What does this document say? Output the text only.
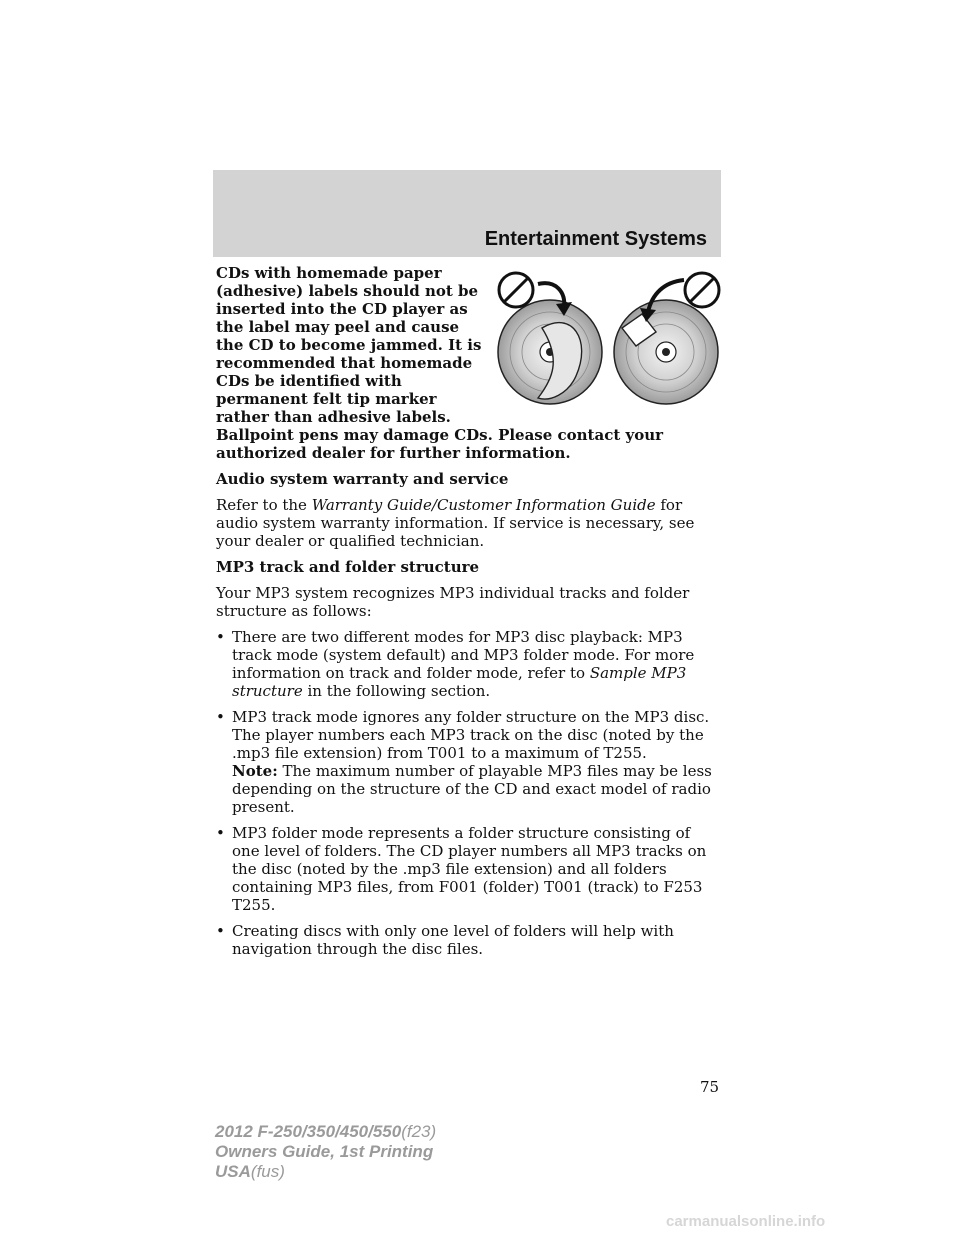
Entertainment Systems

CDs with homemade paper (adhesive) labels should not be inserted into the CD player as the label may peel and cause the CD to become jammed. It is recommended that homemade CDs be identified with permanent felt tip marker rather than adhesive labels. Ballpoint pens may damage CDs. Please contact your authorized dealer for further information.

Audio system warranty and service

Refer to the Warranty Guide/Customer Information Guide for audio system warranty information. If service is necessary, see your dealer or qualified technician.

MP3 track and folder structure

Your MP3 system recognizes MP3 individual tracks and folder structure as follows:

• There are two different modes for MP3 disc playback: MP3 track mode (system default) and MP3 folder mode. For more information on track and folder mode, refer to Sample MP3 structure in the following section.
• MP3 track mode ignores any folder structure on the MP3 disc. The player numbers each MP3 track on the disc (noted by the .mp3 file extension) from T001 to a maximum of T255.
Note: The maximum number of playable MP3 files may be less depending on the structure of the CD and exact model of radio present.
• MP3 folder mode represents a folder structure consisting of one level of folders. The CD player numbers all MP3 tracks on the disc (noted by the .mp3 file extension) and all folders containing MP3 files, from F001 (folder) T001 (track) to F253 T255.
• Creating discs with only one level of folders will help with navigation through the disc files.
75
2012 F-250/350/450/550(f23)
Owners Guide, 1st Printing
USA(fus)
carmanualsonline.info
